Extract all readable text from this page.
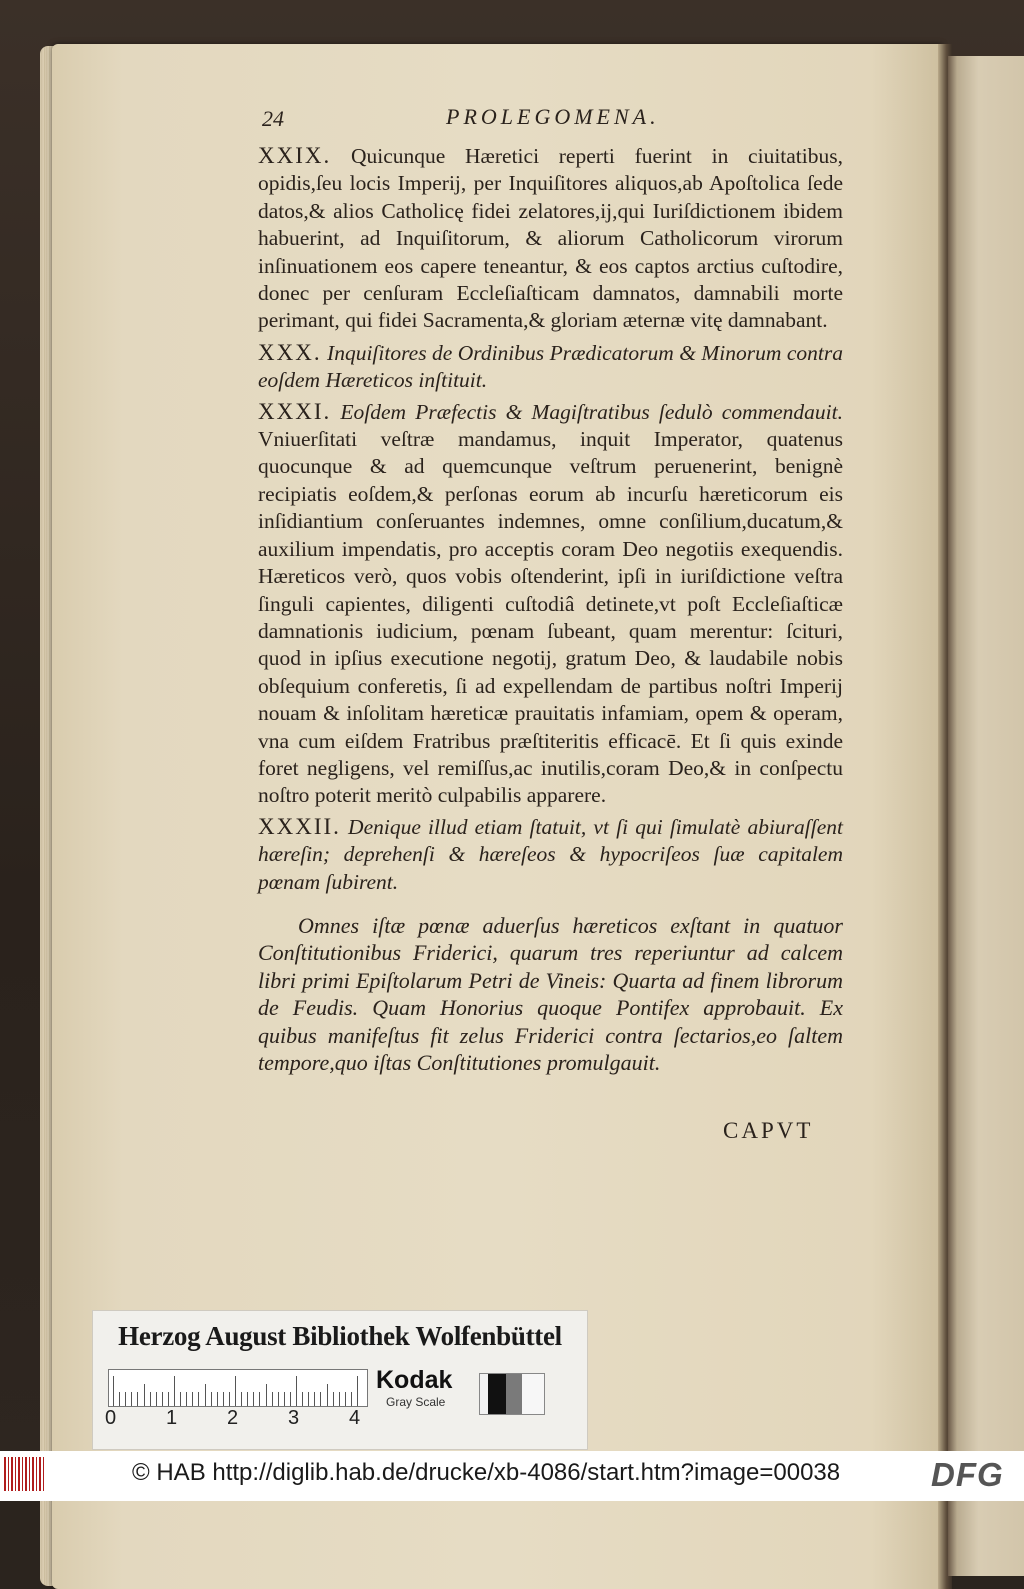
24	PROLEGOMENA.

XXIX. Quicunque Hæretici reperti fuerint in ciuitatibus, opidis,ſeu locis Imperij, per Inquiſitores aliquos,ab Apoſtolica ſede datos,& alios Catholicę fidei zelatores,ij,qui Iuriſdictionem ibidem habuerint, ad Inquiſitorum, & aliorum Catholicorum virorum inſinuationem eos capere teneantur, & eos captos arctius cuſtodire, donec per cenſuram Eccleſiaſticam damnatos, damnabili morte perimant, qui fidei Sacramenta,& gloriam æternæ vitę damnabant.

XXX. Inquiſitores de Ordinibus Prædicatorum & Minorum contra eoſdem Hæreticos inſtituit.

XXXI. Eoſdem Præfectis & Magiſtratibus ſedulò commendauit. Vniuerſitati veſtræ mandamus, inquit Imperator, quatenus quocunque & ad quemcunque veſtrum peruenerint, benignè recipiatis eoſdem,& perſonas eorum ab incurſu hæreticorum eis inſidiantium conſeruantes indemnes, omne conſilium,ducatum,& auxilium impendatis, pro acceptis coram Deo negotiis exequendis. Hæreticos verò, quos vobis oſtenderint, ipſi in iuriſdictione veſtra ſinguli capientes, diligenti cuſtodiâ detinete,vt poſt Eccleſiaſticæ damnationis iudicium, pœnam ſubeant, quam merentur: ſcituri, quod in ipſius executione negotij, gratum Deo, & laudabile nobis obſequium conferetis, ſi ad expellendam de partibus noſtri Imperij nouam & inſolitam hæreticæ prauitatis infamiam, opem & operam, vna cum eiſdem Fratribus præſtiteritis efficacē. Et ſi quis exinde foret negligens, vel remiſſus,ac inutilis,coram Deo,& in conſpectu noſtro poterit meritò culpabilis apparere.

XXXII. Denique illud etiam ſtatuit, vt ſi qui ſimulatè abiuraſſent hæreſin; deprehenſi & hæreſeos & hypocriſeos ſuæ capitalem pœnam ſubirent.

Omnes iſtæ pœnæ aduerſus hæreticos exſtant in quatuor Conſtitutionibus Friderici, quarum tres reperiuntur ad calcem libri primi Epiſtolarum Petri de Vineis: Quarta ad finem librorum de Feudis. Quam Honorius quoque Pontifex approbauit. Ex quibus manifeſtus fit zelus Friderici contra ſectarios,eo ſaltem tempore,quo iſtas Conſtitutiones promulgauit.

CAPVT
Herzog August Bibliothek Wolfenbüttel
0 1 2 3 4
Kodak
Gray Scale
© HAB http://diglib.hab.de/drucke/xb-4086/start.htm?image=00038	DFG
